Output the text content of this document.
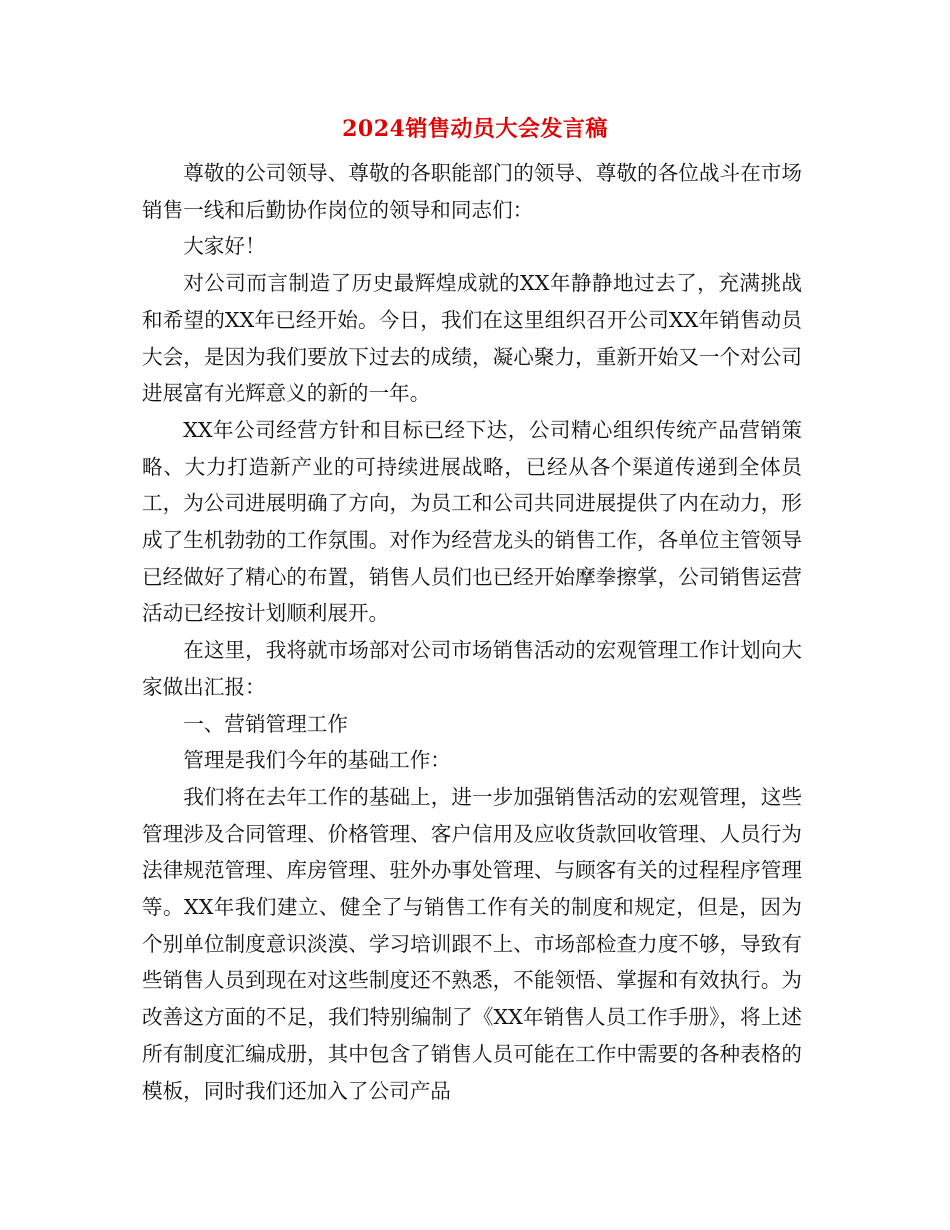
2024销售动员大会发言稿

尊敬的公司领导、尊敬的各职能部门的领导、尊敬的各位战斗在市场销售一线和后勤协作岗位的领导和同志们：

大家好！

对公司而言制造了历史最辉煌成就的XX年静静地过去了，充满挑战和希望的XX年已经开始。今日，我们在这里组织召开公司XX年销售动员大会，是因为我们要放下过去的成绩，凝心聚力，重新开始又一个对公司进展富有光辉意义的新的一年。

XX年公司经营方针和目标已经下达，公司精心组织传统产品营销策略、大力打造新产业的可持续进展战略，已经从各个渠道传递到全体员工，为公司进展明确了方向，为员工和公司共同进展提供了内在动力，形成了生机勃勃的工作氛围。对作为经营龙头的销售工作，各单位主管领导已经做好了精心的布置，销售人员们也已经开始摩拳擦掌，公司销售运营活动已经按计划顺利展开。

在这里，我将就市场部对公司市场销售活动的宏观管理工作计划向大家做出汇报：

一、营销管理工作

管理是我们今年的基础工作：

我们将在去年工作的基础上，进一步加强销售活动的宏观管理，这些管理涉及合同管理、价格管理、客户信用及应收货款回收管理、人员行为法律规范管理、库房管理、驻外办事处管理、与顾客有关的过程程序管理等。XX年我们建立、健全了与销售工作有关的制度和规定，但是，因为个别单位制度意识淡漠、学习培训跟不上、市场部检查力度不够，导致有些销售人员到现在对这些制度还不熟悉，不能领悟、掌握和有效执行。为改善这方面的不足，我们特别编制了《XX年销售人员工作手册》，将上述所有制度汇编成册，其中包含了销售人员可能在工作中需要的各种表格的模板，同时我们还加入了公司产品
